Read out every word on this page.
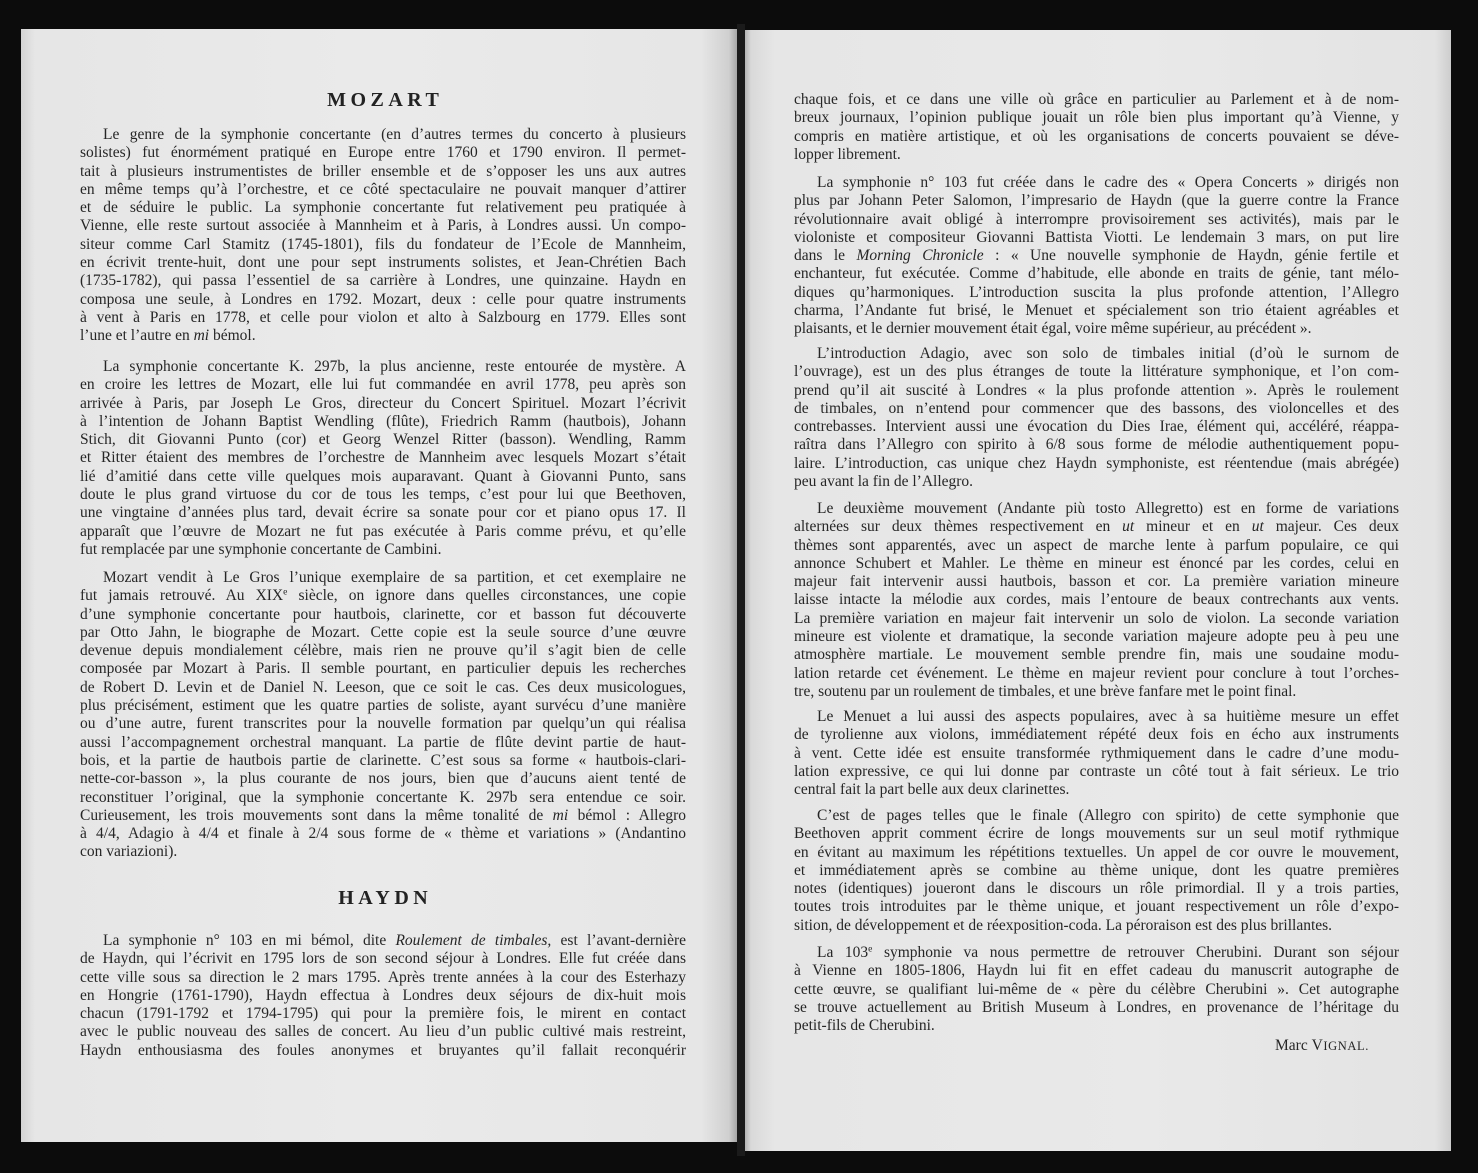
MOZART
Le genre de la symphonie concertante (en d’autres termes du concerto à plusieurs
solistes) fut énormément pratiqué en Europe entre 1760 et 1790 environ. Il permet-
tait à plusieurs instrumentistes de briller ensemble et de s’opposer les uns aux autres
en même temps qu’à l’orchestre, et ce côté spectaculaire ne pouvait manquer d’attirer
et de séduire le public. La symphonie concertante fut relativement peu pratiquée à
Vienne, elle reste surtout associée à Mannheim et à Paris, à Londres aussi. Un compo-
siteur comme Carl Stamitz (1745-1801), fils du fondateur de l’Ecole de Mannheim,
en écrivit trente-huit, dont une pour sept instruments solistes, et Jean-Chrétien Bach
(1735-1782), qui passa l’essentiel de sa carrière à Londres, une quinzaine. Haydn en
composa une seule, à Londres en 1792. Mozart, deux : celle pour quatre instruments
à vent à Paris en 1778, et celle pour violon et alto à Salzbourg en 1779. Elles sont
l’une et l’autre en mi bémol.
La symphonie concertante K. 297b, la plus ancienne, reste entourée de mystère. A
en croire les lettres de Mozart, elle lui fut commandée en avril 1778, peu après son
arrivée à Paris, par Joseph Le Gros, directeur du Concert Spirituel. Mozart l’écrivit
à l’intention de Johann Baptist Wendling (flûte), Friedrich Ramm (hautbois), Johann
Stich, dit Giovanni Punto (cor) et Georg Wenzel Ritter (basson). Wendling, Ramm
et Ritter étaient des membres de l’orchestre de Mannheim avec lesquels Mozart s’était
lié d’amitié dans cette ville quelques mois auparavant. Quant à Giovanni Punto, sans
doute le plus grand virtuose du cor de tous les temps, c’est pour lui que Beethoven,
une vingtaine d’années plus tard, devait écrire sa sonate pour cor et piano opus 17. Il
apparaît que l’œuvre de Mozart ne fut pas exécutée à Paris comme prévu, et qu’elle
fut remplacée par une symphonie concertante de Cambini.
Mozart vendit à Le Gros l’unique exemplaire de sa partition, et cet exemplaire ne
fut jamais retrouvé. Au XIXe siècle, on ignore dans quelles circonstances, une copie
d’une symphonie concertante pour hautbois, clarinette, cor et basson fut découverte
par Otto Jahn, le biographe de Mozart. Cette copie est la seule source d’une œuvre
devenue depuis mondialement célèbre, mais rien ne prouve qu’il s’agit bien de celle
composée par Mozart à Paris. Il semble pourtant, en particulier depuis les recherches
de Robert D. Levin et de Daniel N. Leeson, que ce soit le cas. Ces deux musicologues,
plus précisément, estiment que les quatre parties de soliste, ayant survécu d’une manière
ou d’une autre, furent transcrites pour la nouvelle formation par quelqu’un qui réalisa
aussi l’accompagnement orchestral manquant. La partie de flûte devint partie de haut-
bois, et la partie de hautbois partie de clarinette. C’est sous sa forme « hautbois-clari-
nette-cor-basson », la plus courante de nos jours, bien que d’aucuns aient tenté de
reconstituer l’original, que la symphonie concertante K. 297b sera entendue ce soir.
Curieusement, les trois mouvements sont dans la même tonalité de mi bémol : Allegro
à 4/4, Adagio à 4/4 et finale à 2/4 sous forme de « thème et variations » (Andantino
con variazioni).
HAYDN
La symphonie n° 103 en mi bémol, dite Roulement de timbales, est l’avant-dernière
de Haydn, qui l’écrivit en 1795 lors de son second séjour à Londres. Elle fut créée dans
cette ville sous sa direction le 2 mars 1795. Après trente années à la cour des Esterhazy
en Hongrie (1761-1790), Haydn effectua à Londres deux séjours de dix-huit mois
chacun (1791-1792 et 1794-1795) qui pour la première fois, le mirent en contact
avec le public nouveau des salles de concert. Au lieu d’un public cultivé mais restreint,
Haydn enthousiasma des foules anonymes et bruyantes qu’il fallait reconquérir
chaque fois, et ce dans une ville où grâce en particulier au Parlement et à de nom-
breux journaux, l’opinion publique jouait un rôle bien plus important qu’à Vienne, y
compris en matière artistique, et où les organisations de concerts pouvaient se déve-
lopper librement.
La symphonie n° 103 fut créée dans le cadre des « Opera Concerts » dirigés non
plus par Johann Peter Salomon, l’impresario de Haydn (que la guerre contre la France
révolutionnaire avait obligé à interrompre provisoirement ses activités), mais par le
violoniste et compositeur Giovanni Battista Viotti. Le lendemain 3 mars, on put lire
dans le Morning Chronicle : « Une nouvelle symphonie de Haydn, génie fertile et
enchanteur, fut exécutée. Comme d’habitude, elle abonde en traits de génie, tant mélo-
diques qu’harmoniques. L’introduction suscita la plus profonde attention, l’Allegro
charma, l’Andante fut brisé, le Menuet et spécialement son trio étaient agréables et
plaisants, et le dernier mouvement était égal, voire même supérieur, au précédent ».
L’introduction Adagio, avec son solo de timbales initial (d’où le surnom de
l’ouvrage), est un des plus étranges de toute la littérature symphonique, et l’on com-
prend qu’il ait suscité à Londres « la plus profonde attention ». Après le roulement
de timbales, on n’entend pour commencer que des bassons, des violoncelles et des
contrebasses. Intervient aussi une évocation du Dies Irae, élément qui, accéléré, réappa-
raîtra dans l’Allegro con spirito à 6/8 sous forme de mélodie authentiquement popu-
laire. L’introduction, cas unique chez Haydn symphoniste, est réentendue (mais abrégée)
peu avant la fin de l’Allegro.
Le deuxième mouvement (Andante più tosto Allegretto) est en forme de variations
alternées sur deux thèmes respectivement en ut mineur et en ut majeur. Ces deux
thèmes sont apparentés, avec un aspect de marche lente à parfum populaire, ce qui
annonce Schubert et Mahler. Le thème en mineur est énoncé par les cordes, celui en
majeur fait intervenir aussi hautbois, basson et cor. La première variation mineure
laisse intacte la mélodie aux cordes, mais l’entoure de beaux contrechants aux vents.
La première variation en majeur fait intervenir un solo de violon. La seconde variation
mineure est violente et dramatique, la seconde variation majeure adopte peu à peu une
atmosphère martiale. Le mouvement semble prendre fin, mais une soudaine modu-
lation retarde cet événement. Le thème en majeur revient pour conclure à tout l’orches-
tre, soutenu par un roulement de timbales, et une brève fanfare met le point final.
Le Menuet a lui aussi des aspects populaires, avec à sa huitième mesure un effet
de tyrolienne aux violons, immédiatement répété deux fois en écho aux instruments
à vent. Cette idée est ensuite transformée rythmiquement dans le cadre d’une modu-
lation expressive, ce qui lui donne par contraste un côté tout à fait sérieux. Le trio
central fait la part belle aux deux clarinettes.
C’est de pages telles que le finale (Allegro con spirito) de cette symphonie que
Beethoven apprit comment écrire de longs mouvements sur un seul motif rythmique
en évitant au maximum les répétitions textuelles. Un appel de cor ouvre le mouvement,
et immédiatement après se combine au thème unique, dont les quatre premières
notes (identiques) joueront dans le discours un rôle primordial. Il y a trois parties,
toutes trois introduites par le thème unique, et jouant respectivement un rôle d’expo-
sition, de développement et de réexposition-coda. La péroraison est des plus brillantes.
La 103e symphonie va nous permettre de retrouver Cherubini. Durant son séjour
à Vienne en 1805-1806, Haydn lui fit en effet cadeau du manuscrit autographe de
cette œuvre, se qualifiant lui-même de « père du célèbre Cherubini ». Cet autographe
se trouve actuellement au British Museum à Londres, en provenance de l’héritage du
petit-fils de Cherubini.
Marc VIGNAL.
